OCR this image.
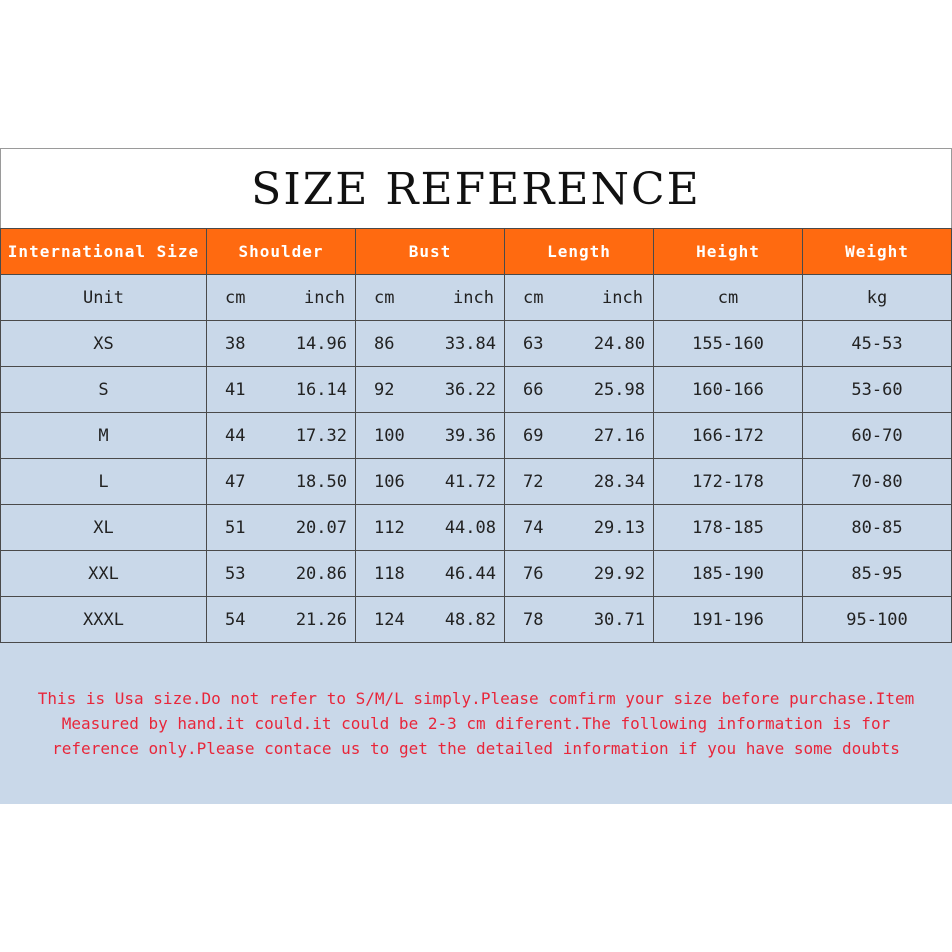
SIZE REFERENCE
International Size	Shoulder	Bust	Length	Height	Weight
Unit	cm inch	cm inch	cm inch	cm	kg
XS	38 14.96	86 33.84	63 24.80	155-160	45-53
S	41 16.14	92 36.22	66 25.98	160-166	53-60
M	44 17.32	100 39.36	69 27.16	166-172	60-70
L	47 18.50	106 41.72	72 28.34	172-178	70-80
XL	51 20.07	112 44.08	74 29.13	178-185	80-85
XXL	53 20.86	118 46.44	76 29.92	185-190	85-95
XXXL	54 21.26	124 48.82	78 30.71	191-196	95-100
This is Usa size.Do not refer to S/M/L simply.Please comfirm your size before purchase.Item
Measured by hand.it could.it could be 2-3 cm diferent.The following information is for
reference only.Please contace us to get the detailed information if you have some doubts
